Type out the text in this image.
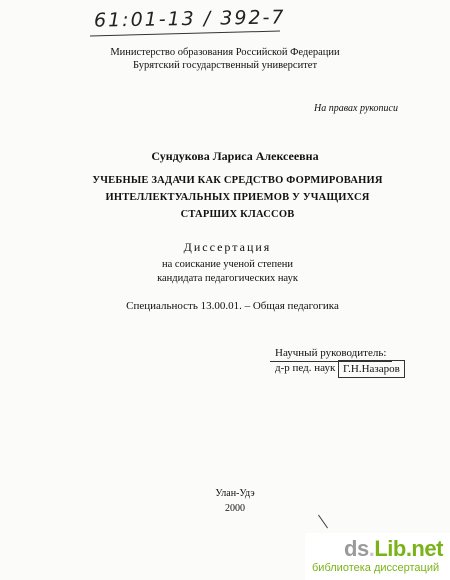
61:01-13 / 392-7
Министерство образования Российской Федерации
Бурятский государственный университет
На правах рукописи
Сундукова Лариса Алексеевна
УЧЕБНЫЕ ЗАДАЧИ КАК СРЕДСТВО ФОРМИРОВАНИЯ
ИНТЕЛЛЕКТУАЛЬНЫХ ПРИЕМОВ У УЧАЩИХСЯ
СТАРШИХ КЛАССОВ
Диссертация
на соискание ученой степени
кандидата педагогических наук
Специальность 13.00.01. – Общая педагогика
Научный руководитель:
д-р пед. наук Г.Н.Назаров
Улан-Удэ
2000
ds.Lib.net
библиотека диссертаций
